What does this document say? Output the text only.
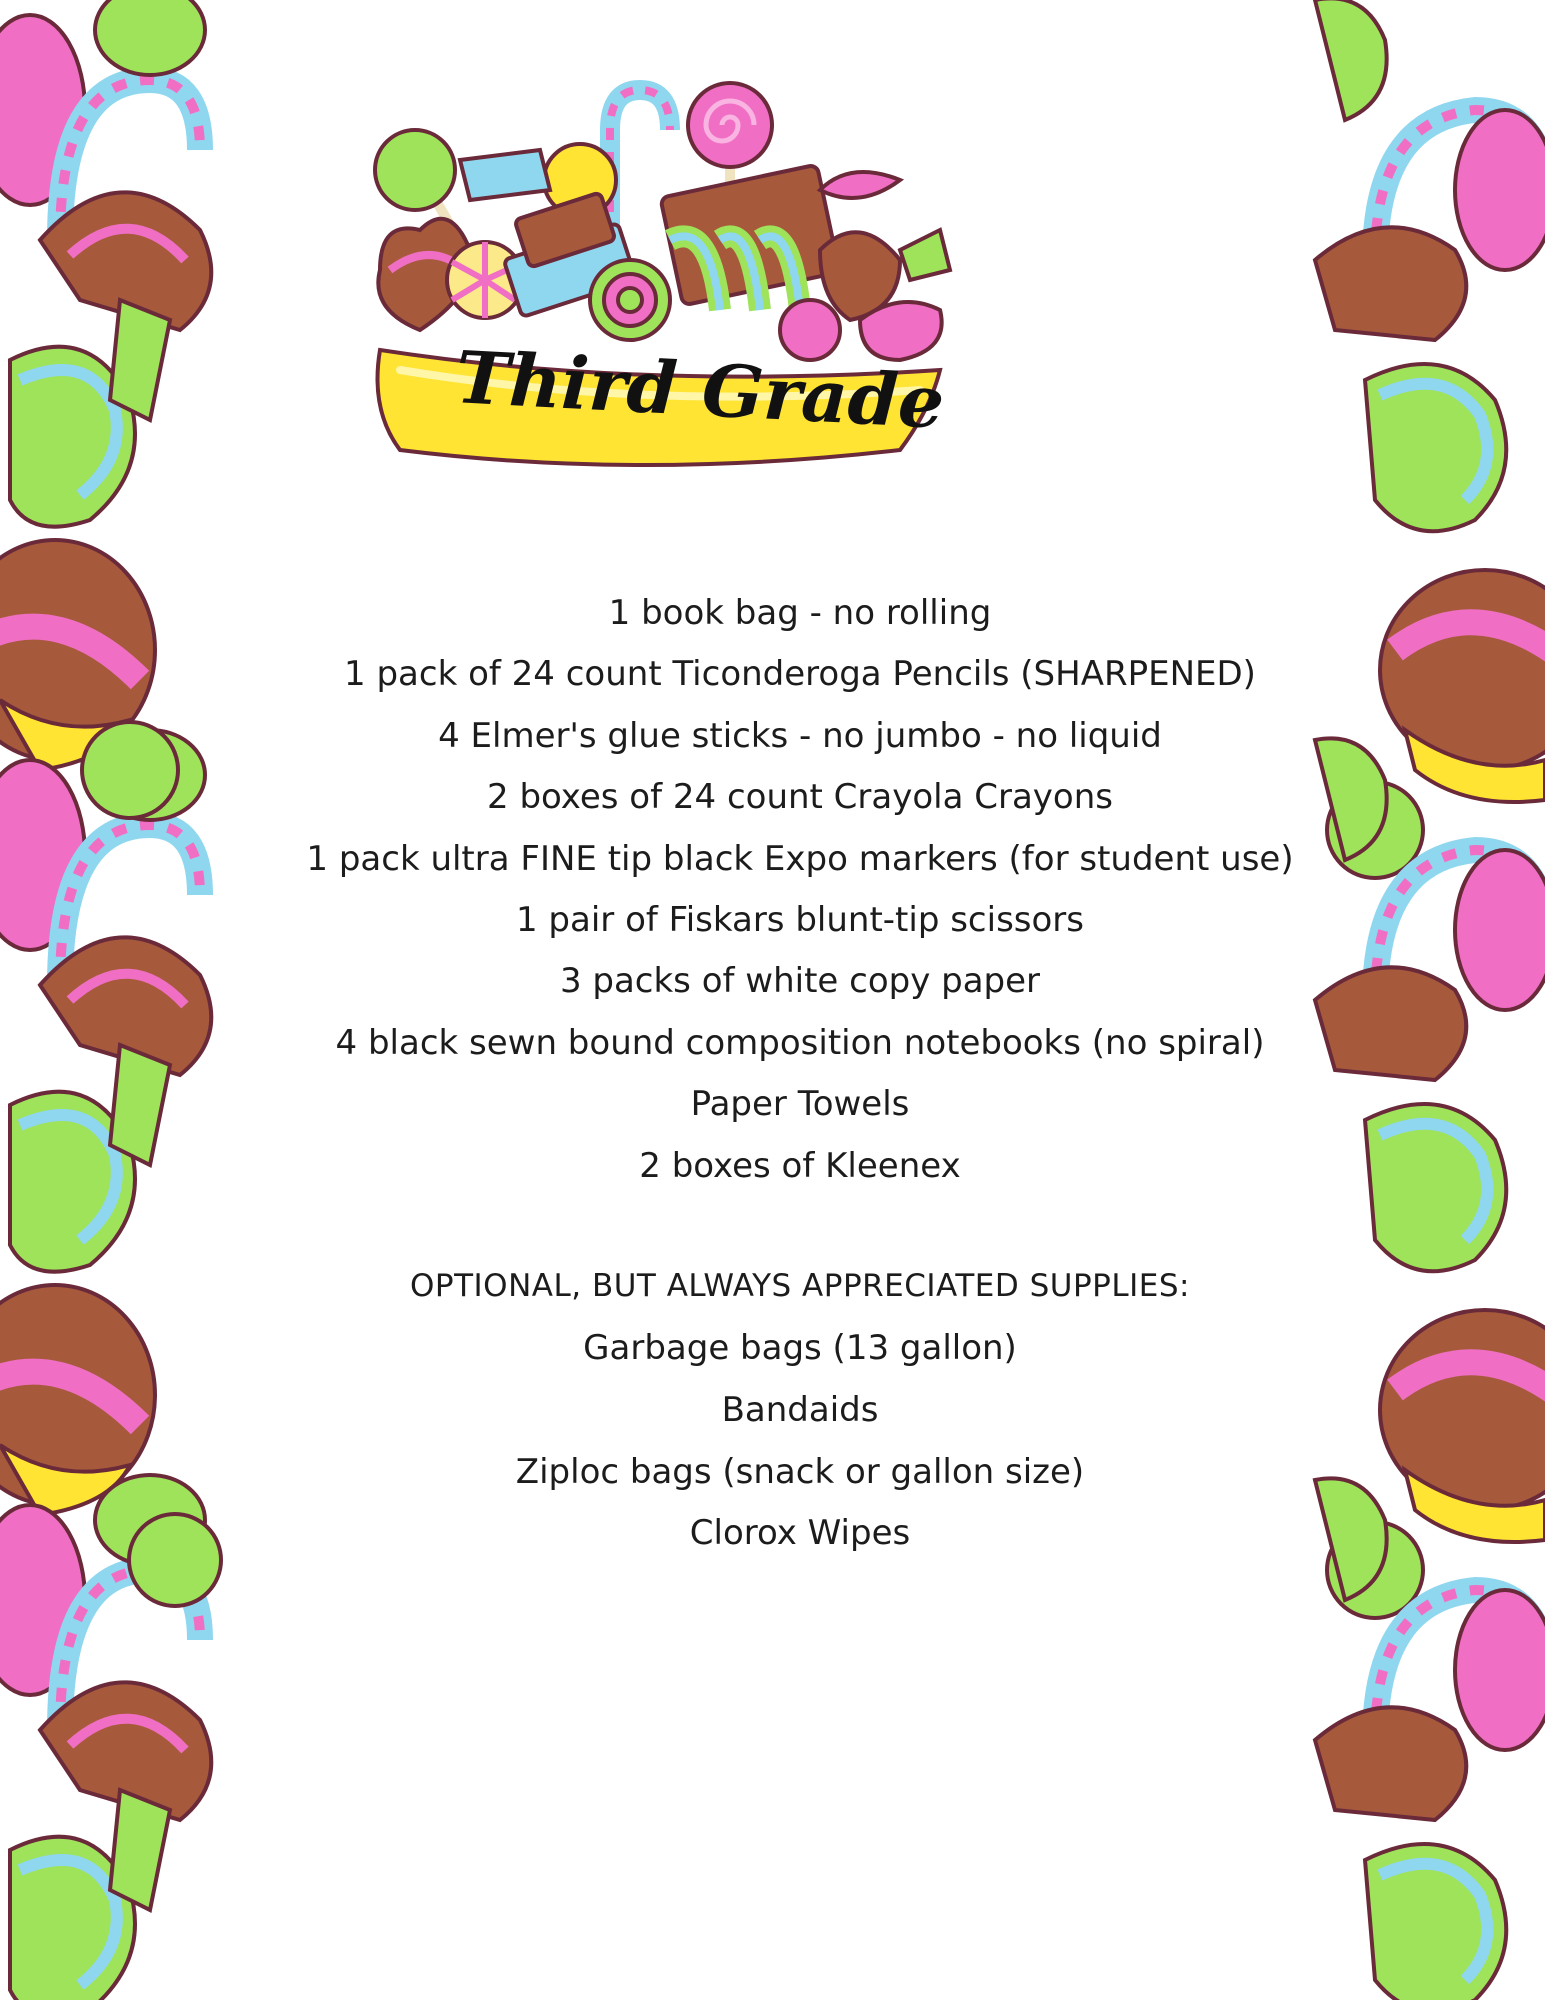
Third Grade
1 book bag - no rolling
1 pack of 24 count Ticonderoga Pencils (SHARPENED)
4 Elmer's glue sticks - no jumbo - no liquid
2 boxes of 24 count Crayola Crayons
1 pack ultra FINE tip black Expo markers (for student use)
1 pair of Fiskars blunt-tip scissors
3 packs of white copy paper
4 black sewn bound composition notebooks (no spiral)
Paper Towels
2 boxes of Kleenex
OPTIONAL, BUT ALWAYS APPRECIATED SUPPLIES:
Garbage bags (13 gallon)
Bandaids
Ziploc bags (snack or gallon size)
Clorox Wipes
